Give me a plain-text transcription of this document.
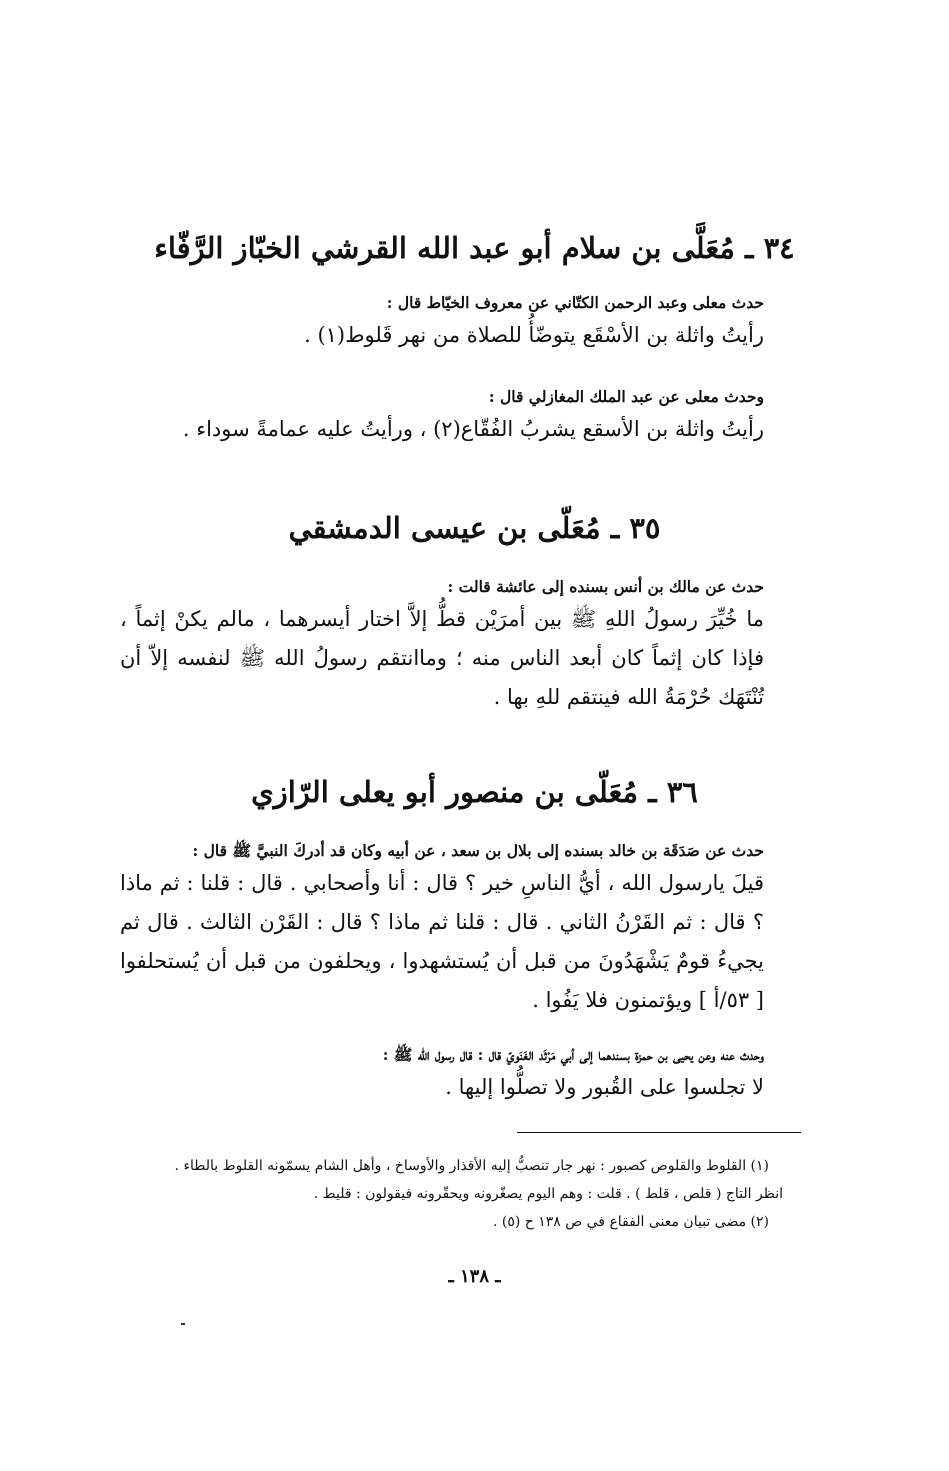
٣٤ ـ مُعَلَّى بن سلام أبو عبد الله القرشي الخبّاز الرَّفّاء
حدث معلى وعبد الرحمن الكتّاني عن معروف الخيّاط قال :
رأيتُ واثلة بن الأسْقَع يتوضّأُ للصلاة من نهر قَلوط(١) .
وحدث معلى عن عبد الملك المغازلي قال :
رأيتُ واثلة بن الأسقع يشربُ الفُقّاع(٢) ، ورأيتُ عليه عمامةً سوداء .
٣٥ ـ مُعَلّى بن عيسى الدمشقي
حدث عن مالك بن أنس بسنده إلى عائشة قالت :
ما خُيِّرَ رسولُ اللهِ ﷺ بين أمرَيْن قطُّ إلاَّ اختار أيسرهما ، مالم يكنْ إثماً ، فإذا كان إثماً كان أبعد الناس منه ؛ وماانتقم رسولُ الله ﷺ لنفسه إلاّ أن تُنْتَهَك حُرْمَةُ الله فينتقم للهِ بها .
٣٦ ـ مُعَلّى بن منصور أبو يعلى الرّازي
حدث عن صَدَقَة بن خالد بسنده إلى بلال بن سعد ، عن أبيه وكان قد أدركَ النبيَّ ﷺ قال :
قيلَ يارسول الله ، أيُّ الناسِ خير ؟ قال : أنا وأصحابي . قال : قلنا : ثم ماذا ؟ قال : ثم القَرْنُ الثاني . قال : قلنا ثم ماذا ؟ قال : القَرْن الثالث . قال ثم يجيءُ قومٌ يَشْهَدُونَ من قبل أن يُستشهدوا ، ويحلفون من قبل أن يُستحلفوا [ ٥٣/أ ] ويؤتمنون فلا يَفُوا .
وحدث عنه وعن يحيى بن حمزة بسندهما إلى أبي مَرْثَد الغَنَويّ قال : قال رسول الله ﷺ :
لا تجلسوا على القُبور ولا تصلُّوا إليها .
(١) القلوط والقلوص كصبور : نهر جار تنصبُّ إليه الأقذار والأوساخ ، وأهل الشام يسمّونه القلوط بالطاء .
انظر التاج ( قلص ، قلط ) . قلت : وهم اليوم يصغّرونه ويحقّرونه فيقولون : قليط .
(٢) مضى تبيان معنى الفقاع في ص ١٣٨ ح (٥) .
ـ ١٣٨ ـ
